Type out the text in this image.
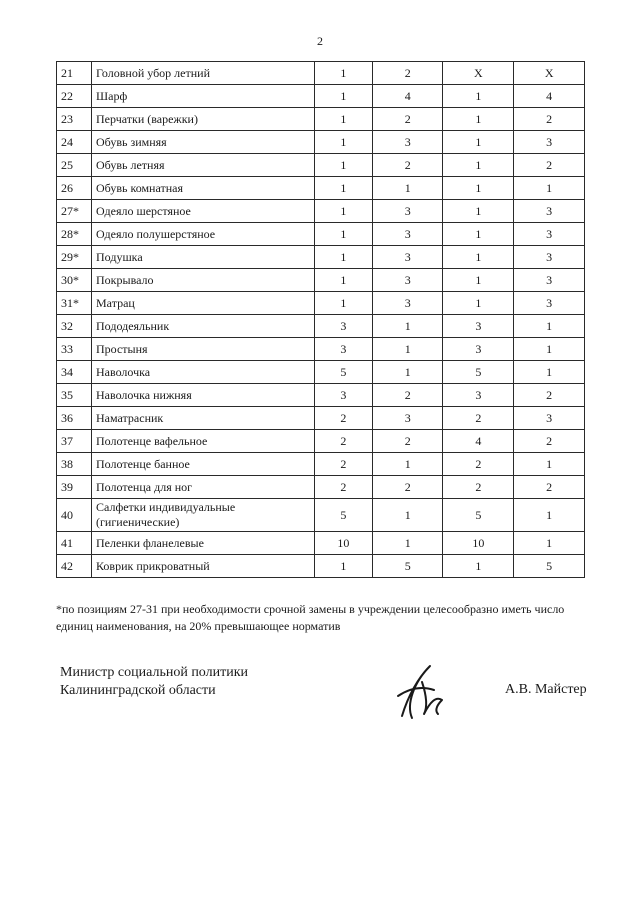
2
21	Головной убор летний	1	2	X	X
22	Шарф	1	4	1	4
23	Перчатки (варежки)	1	2	1	2
24	Обувь зимняя	1	3	1	3
25	Обувь летняя	1	2	1	2
26	Обувь комнатная	1	1	1	1
27*	Одеяло шерстяное	1	3	1	3
28*	Одеяло полушерстяное	1	3	1	3
29*	Подушка	1	3	1	3
30*	Покрывало	1	3	1	3
31*	Матрац	1	3	1	3
32	Пододеяльник	3	1	3	1
33	Простыня	3	1	3	1
34	Наволочка	5	1	5	1
35	Наволочка нижняя	3	2	3	2
36	Наматрасник	2	3	2	3
37	Полотенце вафельное	2	2	4	2
38	Полотенце банное	2	1	2	1
39	Полотенца для ног	2	2	2	2
40	Салфетки индивидуальные (гигиенические)	5	1	5	1
41	Пеленки фланелевые	10	1	10	1
42	Коврик прикроватный	1	5	1	5
*по позициям 27-31 при необходимости срочной замены в учреждении целесообразно иметь число единиц наименования, на 20% превышающее норматив
Министр социальной политики
Калининградской области	А.В. Майстер
